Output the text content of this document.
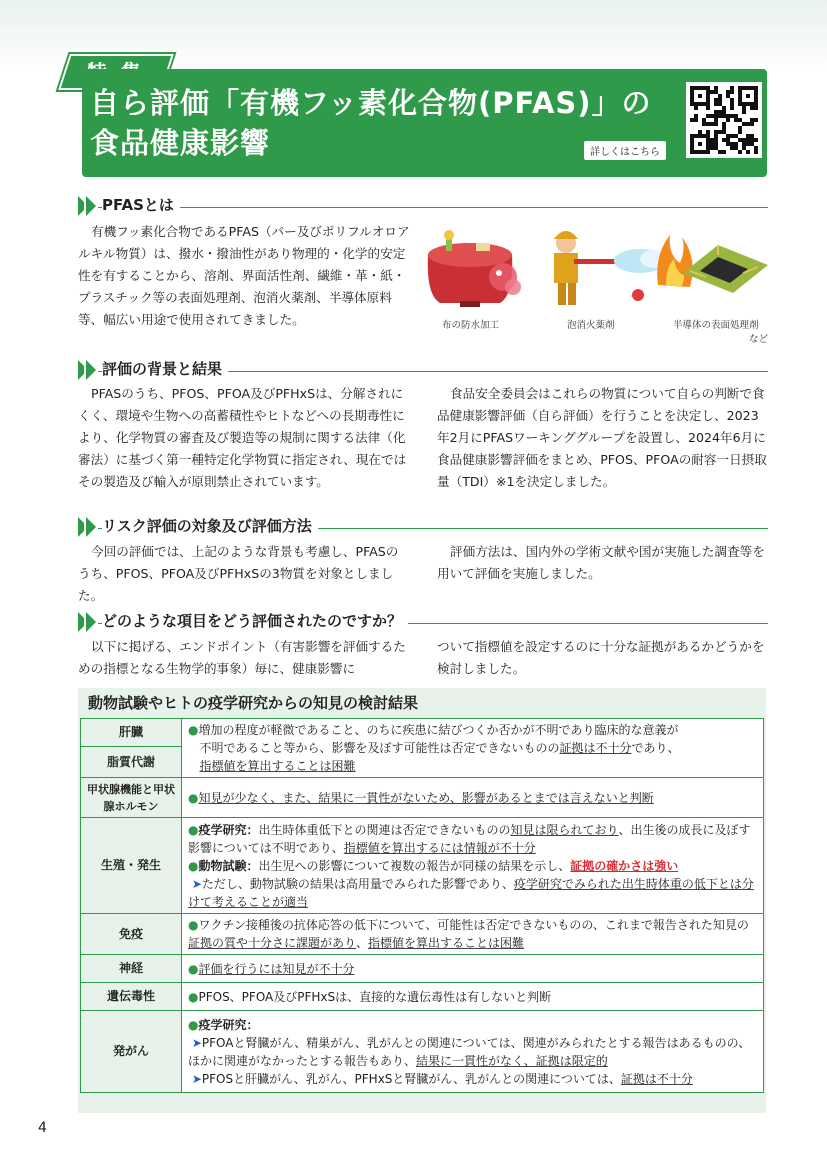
自ら評価「有機フッ素化合物(PFAS)」の
食品健康影響	詳しくはこちら
PFASとは

有機フッ素化合物であるPFAS（パー及びポリフルオロアルキル物質）は、撥水・撥油性があり物理的・化学的安定性を有することから、溶剤、界面活性剤、繊維・革・紙・プラスチック等の表面処理剤、泡消火薬剤、半導体原料等、幅広い用途で使用されてきました。	布の防水加工	泡消火薬剤	半導体の表面処理剤
など
評価の背景と結果

PFASのうち、PFOS、PFOA及びPFHxSは、分解されにくく、環境や生物への高蓄積性やヒトなどへの長期毒性により、化学物質の審査及び製造等の規制に関する法律（化審法）に基づく第一種特定化学物質に指定され、現在ではその製造及び輸入が原則禁止されています。

食品安全委員会はこれらの物質について自らの判断で食品健康影響評価（自ら評価）を行うことを決定し、2023年2月にPFASワーキンググループを設置し、2024年6月に食品健康影響評価をまとめ、PFOS、PFOAの耐容一日摂取量（TDI）※1を決定しました。

リスク評価の対象及び評価方法

今回の評価では、上記のような背景も考慮し、PFASのうち、PFOS、PFOA及びPFHxSの3物質を対象としました。

評価方法は、国内外の学術文献や国が実施した調査等を用いて評価を実施しました。

どのような項目をどう評価されたのですか？

以下に掲げる、エンドポイント（有害影響を評価するための指標となる生物学的事象）毎に、健康影響に

ついて指標値を設定するのに十分な証拠があるかどうかを検討しました。

動物試験やヒトの疫学研究からの知見の検討結果
肝臓	●増加の程度が軽微であること、のちに疾患に結びつくか否かが不明であり臨床的な意義が
不明であること等から、影響を及ぼす可能性は否定できないものの証拠は不十分であり、
指標値を算出することは困難
脂質代謝	
甲状腺機能と甲状腺ホルモン	●知見が少なく、また、結果に一貫性がないため、影響があるとまでは言えないと判断
生殖・発生	●疫学研究：出生時体重低下との関連は否定できないものの知見は限られており、出生後の成長に及ぼす影響については不明であり、指標値を算出するには情報が不十分
●動物試験：出生児への影響について複数の報告が同様の結果を示し、証拠の確かさは強い
➤ただし、動物試験の結果は高用量でみられた影響であり、疫学研究でみられた出生時体重の低下とは分けて考えることが適当
免疫	●ワクチン接種後の抗体応答の低下について、可能性は否定できないものの、これまで報告された知見の証拠の質や十分さに課題があり、指標値を算出することは困難
神経	●評価を行うには知見が不十分
遺伝毒性	●PFOS、PFOA及びPFHxSは、直接的な遺伝毒性は有しないと判断
発がん	●疫学研究：
➤PFOAと腎臓がん、精巣がん、乳がんとの関連については、関連がみられたとする報告はあるものの、ほかに関連がなかったとする報告もあり、結果に一貫性がなく、証拠は限定的
➤PFOSと肝臓がん、乳がん、PFHxSと腎臓がん、乳がんとの関連については、証拠は不十分
4
